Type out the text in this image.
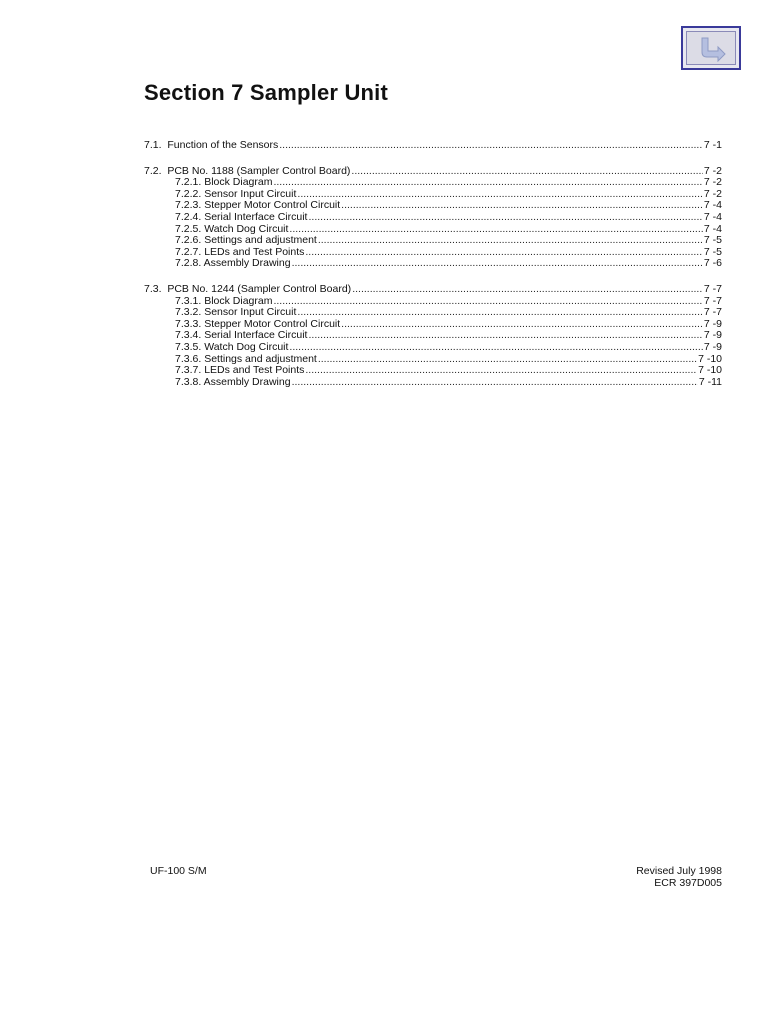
Section 7 Sampler Unit
7.1.  Function of the Sensors .....	7 -1
7.2.  PCB No. 1188 (Sampler Control Board) .....	7 -2
7.2.1. Block Diagram .....	7 -2
7.2.2. Sensor Input Circuit .....	7 -2
7.2.3. Stepper Motor Control Circuit .....	7 -4
7.2.4. Serial Interface Circuit .....	7 -4
7.2.5. Watch Dog Circuit .....	7 -4
7.2.6. Settings and adjustment .....	7 -5
7.2.7. LEDs and Test Points .....	7 -5
7.2.8. Assembly Drawing .....	7 -6
7.3.  PCB No. 1244 (Sampler Control Board) .....	7 -7
7.3.1. Block Diagram .....	7 -7
7.3.2. Sensor Input Circuit .....	7 -7
7.3.3. Stepper Motor Control Circuit .....	7 -9
7.3.4. Serial Interface Circuit .....	7 -9
7.3.5. Watch Dog Circuit .....	7 -9
7.3.6. Settings and adjustment .....	7 -10
7.3.7. LEDs and Test Points .....	7 -10
7.3.8. Assembly Drawing .....	7 -11
UF-100 S/M	Revised July 1998
ECR 397D005
